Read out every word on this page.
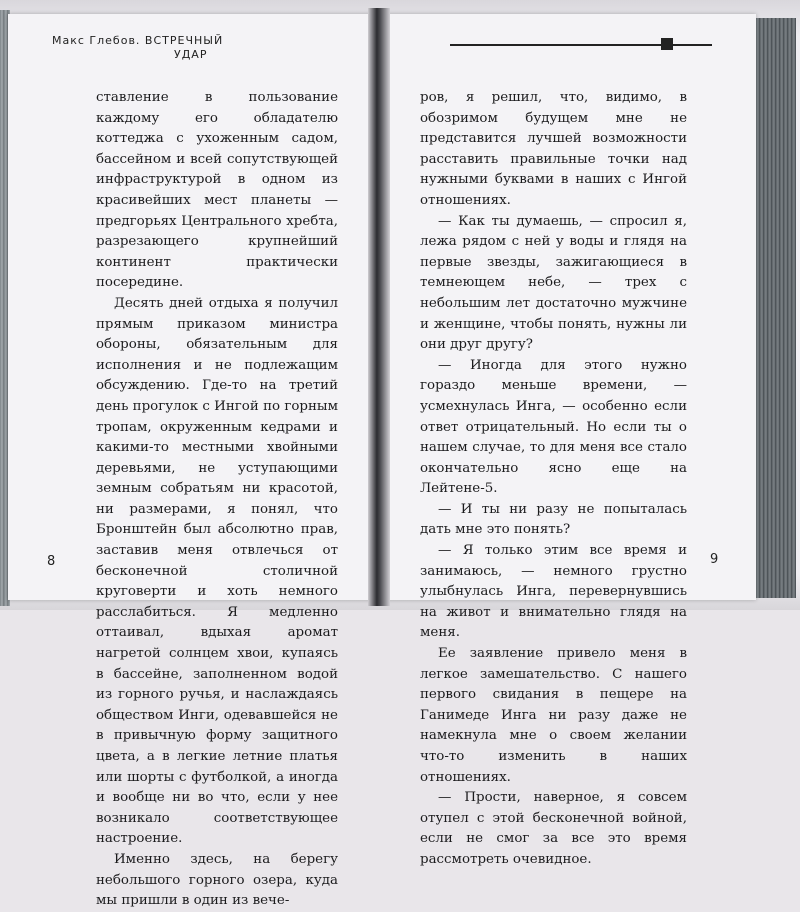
Макс Глебов. ВСТРЕЧНЫЙ
УДАР

ставление в пользование каждому его обладателю коттеджа с ухоженным садом, бассейном и всей сопутствующей инфраструктурой в одном из красивейших мест планеты — предгорьях Центрального хребта, разрезающего крупнейший континент практически посередине.

Десять дней отдыха я получил прямым приказом министра обороны, обязательным для исполнения и не подлежащим обсуждению. Где-то на третий день прогулок с Ингой по горным тропам, окруженным кедрами и какими-то местными хвойными деревьями, не уступающими земным собратьям ни красотой, ни размерами, я понял, что Бронштейн был абсолютно прав, заставив меня отвлечься от бесконечной столичной круговерти и хоть немного расслабиться. Я медленно оттаивал, вдыхая аромат нагретой солнцем хвои, купаясь в бассейне, заполненном водой из горного ручья, и наслаждаясь обществом Инги, одевавшейся не в привычную форму защитного цвета, а в легкие летние платья или шорты с футболкой, а иногда и вообще ни во что, если у нее возникало соответствующее настроение.

Именно здесь, на берегу небольшого горного озера, куда мы пришли в один из вече-

ров, я решил, что, видимо, в обозримом будущем мне не представится лучшей возможности расставить правильные точки над нужными буквами в наших с Ингой отношениях.

— Как ты думаешь, — спросил я, лежа рядом с ней у воды и глядя на первые звезды, зажигающиеся в темнеющем небе, — трех с небольшим лет достаточно мужчине и женщине, чтобы понять, нужны ли они друг другу?

— Иногда для этого нужно гораздо меньше времени, — усмехнулась Инга, — особенно если ответ отрицательный. Но если ты о нашем случае, то для меня все стало окончательно ясно еще на Лейтене-5.

— И ты ни разу не попыталась дать мне это понять?

— Я только этим все время и занимаюсь, — немного грустно улыбнулась Инга, перевернувшись на живот и внимательно глядя на меня.

Ее заявление привело меня в легкое замешательство. С нашего первого свидания в пещере на Ганимеде Инга ни разу даже не намекнула мне о своем желании что-то изменить в наших отношениях.

— Прости, наверное, я совсем отупел с этой бесконечной войной, если не смог за все это время рассмотреть очевидное.

8	9
